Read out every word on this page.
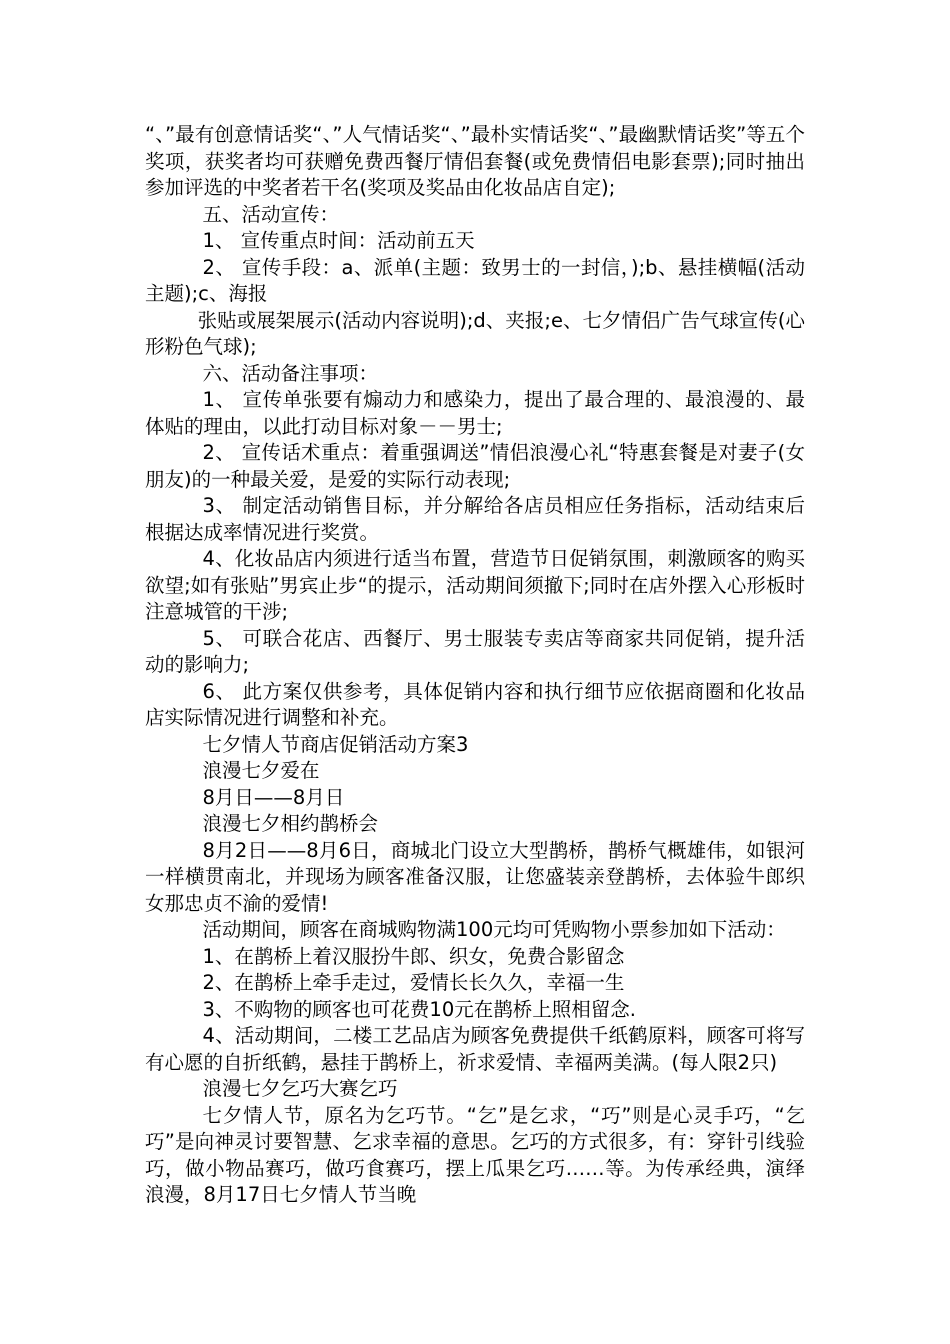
“、”最有创意情话奖“、”人气情话奖“、”最朴实情话奖“、”最幽默情话奖”等五个奖项，获奖者均可获赠免费西餐厅情侣套餐(或免费情侣电影套票);同时抽出参加评选的中奖者若干名(奖项及奖品由化妆品店自定);

五、活动宣传：

1、 宣传重点时间：活动前五天

2、 宣传手段：a、派单(主题：致男士的一封信，);b、悬挂横幅(活动主题);c、海报

张贴或展架展示(活动内容说明);d、夹报;e、七夕情侣广告气球宣传(心形粉色气球);

六、活动备注事项：

1、 宣传单张要有煽动力和感染力，提出了最合理的、最浪漫的、最体贴的理由，以此打动目标对象－－男士;

2、 宣传话术重点：着重强调送”情侣浪漫心礼“特惠套餐是对妻子(女朋友)的一种最关爱，是爱的实际行动表现;

3、 制定活动销售目标，并分解给各店员相应任务指标，活动结束后根据达成率情况进行奖赏。

4、化妆品店内须进行适当布置，营造节日促销氛围，刺激顾客的购买欲望;如有张贴”男宾止步“的提示，活动期间须撤下;同时在店外摆入心形板时注意城管的干涉;

5、 可联合花店、西餐厅、男士服装专卖店等商家共同促销，提升活动的影响力;

6、 此方案仅供参考，具体促销内容和执行细节应依据商圈和化妆品店实际情况进行调整和补充。

七夕情人节商店促销活动方案3

浪漫七夕爱在

8月日——8月日

浪漫七夕相约鹊桥会

8月2日——8月6日，商城北门设立大型鹊桥，鹊桥气概雄伟，如银河一样横贯南北，并现场为顾客准备汉服，让您盛装亲登鹊桥，去体验牛郎织女那忠贞不渝的爱情!

活动期间，顾客在商城购物满100元均可凭购物小票参加如下活动：

1、在鹊桥上着汉服扮牛郎、织女，免费合影留念

2、在鹊桥上牵手走过，爱情长长久久，幸福一生

3、不购物的顾客也可花费10元在鹊桥上照相留念.

4、活动期间，二楼工艺品店为顾客免费提供千纸鹤原料，顾客可将写有心愿的自折纸鹤，悬挂于鹊桥上，祈求爱情、幸福两美满。(每人限2只)

浪漫七夕乞巧大赛乞巧

七夕情人节，原名为乞巧节。“乞”是乞求，“巧”则是心灵手巧，“乞巧”是向神灵讨要智慧、乞求幸福的意思。乞巧的方式很多，有：穿针引线验巧，做小物品赛巧，做巧食赛巧，摆上瓜果乞巧……等。为传承经典，演绎浪漫，8月17日七夕情人节当晚
